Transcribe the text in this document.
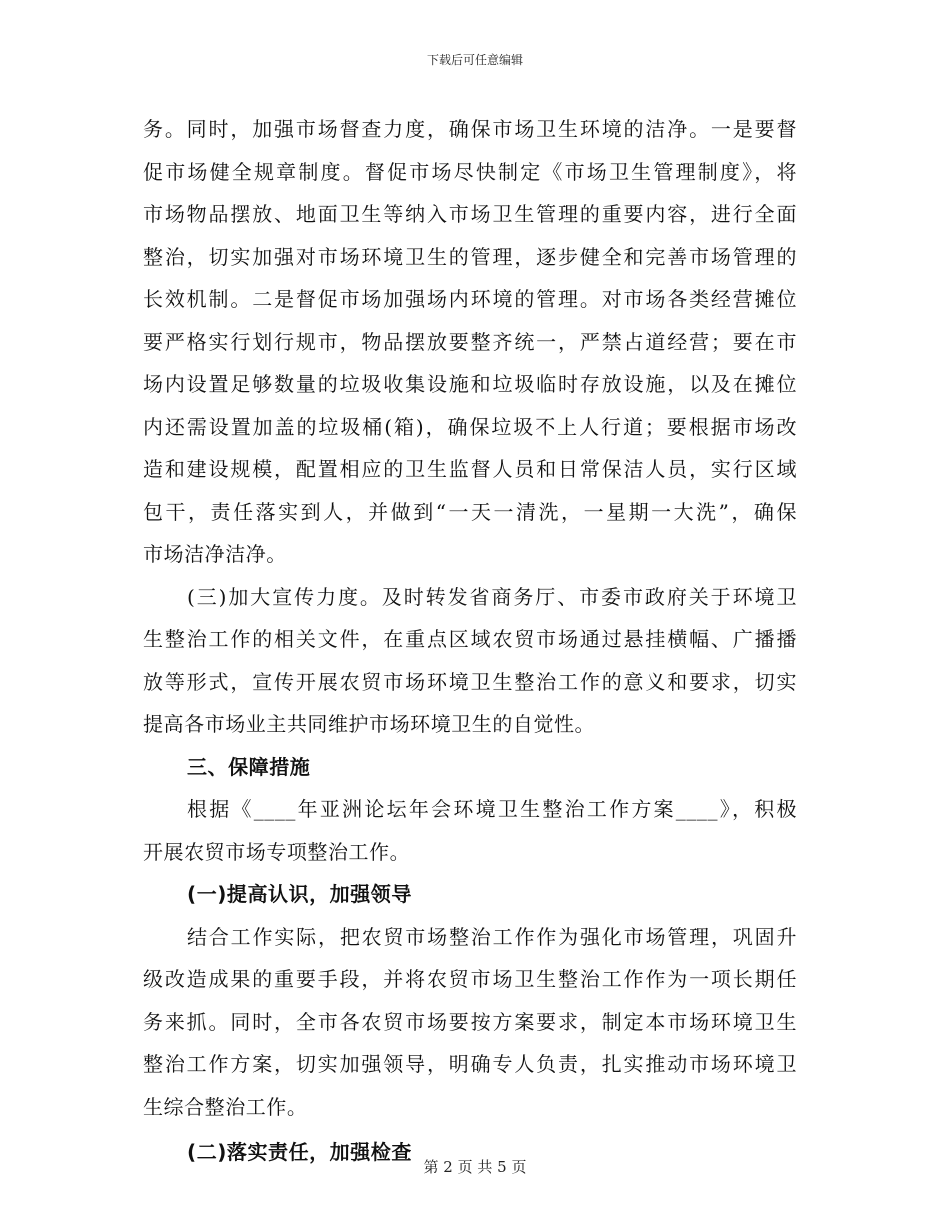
下载后可任意编辑
务。同时，加强市场督查力度，确保市场卫生环境的洁净。一是要督
促市场健全规章制度。督促市场尽快制定《市场卫生管理制度》，将
市场物品摆放、地面卫生等纳入市场卫生管理的重要内容，进行全面
整治，切实加强对市场环境卫生的管理，逐步健全和完善市场管理的
长效机制。二是督促市场加强场内环境的管理。对市场各类经营摊位
要严格实行划行规市，物品摆放要整齐统一，严禁占道经营；要在市
场内设置足够数量的垃圾收集设施和垃圾临时存放设施，以及在摊位
内还需设置加盖的垃圾桶(箱)，确保垃圾不上人行道；要根据市场改
造和建设规模，配置相应的卫生监督人员和日常保洁人员，实行区域
包干，责任落实到人，并做到“一天一清洗，一星期一大洗”，确保
市场洁净洁净。
(三)加大宣传力度。及时转发省商务厅、市委市政府关于环境卫
生整治工作的相关文件，在重点区域农贸市场通过悬挂横幅、广播播
放等形式，宣传开展农贸市场环境卫生整治工作的意义和要求，切实
提高各市场业主共同维护市场环境卫生的自觉性。
三、保障措施
根据《____年亚洲论坛年会环境卫生整治工作方案____》，积极
开展农贸市场专项整治工作。
(一)提高认识，加强领导
结合工作实际，把农贸市场整治工作作为强化市场管理，巩固升
级改造成果的重要手段，并将农贸市场卫生整治工作作为一项长期任
务来抓。同时，全市各农贸市场要按方案要求，制定本市场环境卫生
整治工作方案，切实加强领导，明确专人负责，扎实推动市场环境卫
生综合整治工作。
(二)落实责任，加强检查
第 2 页 共 5 页
